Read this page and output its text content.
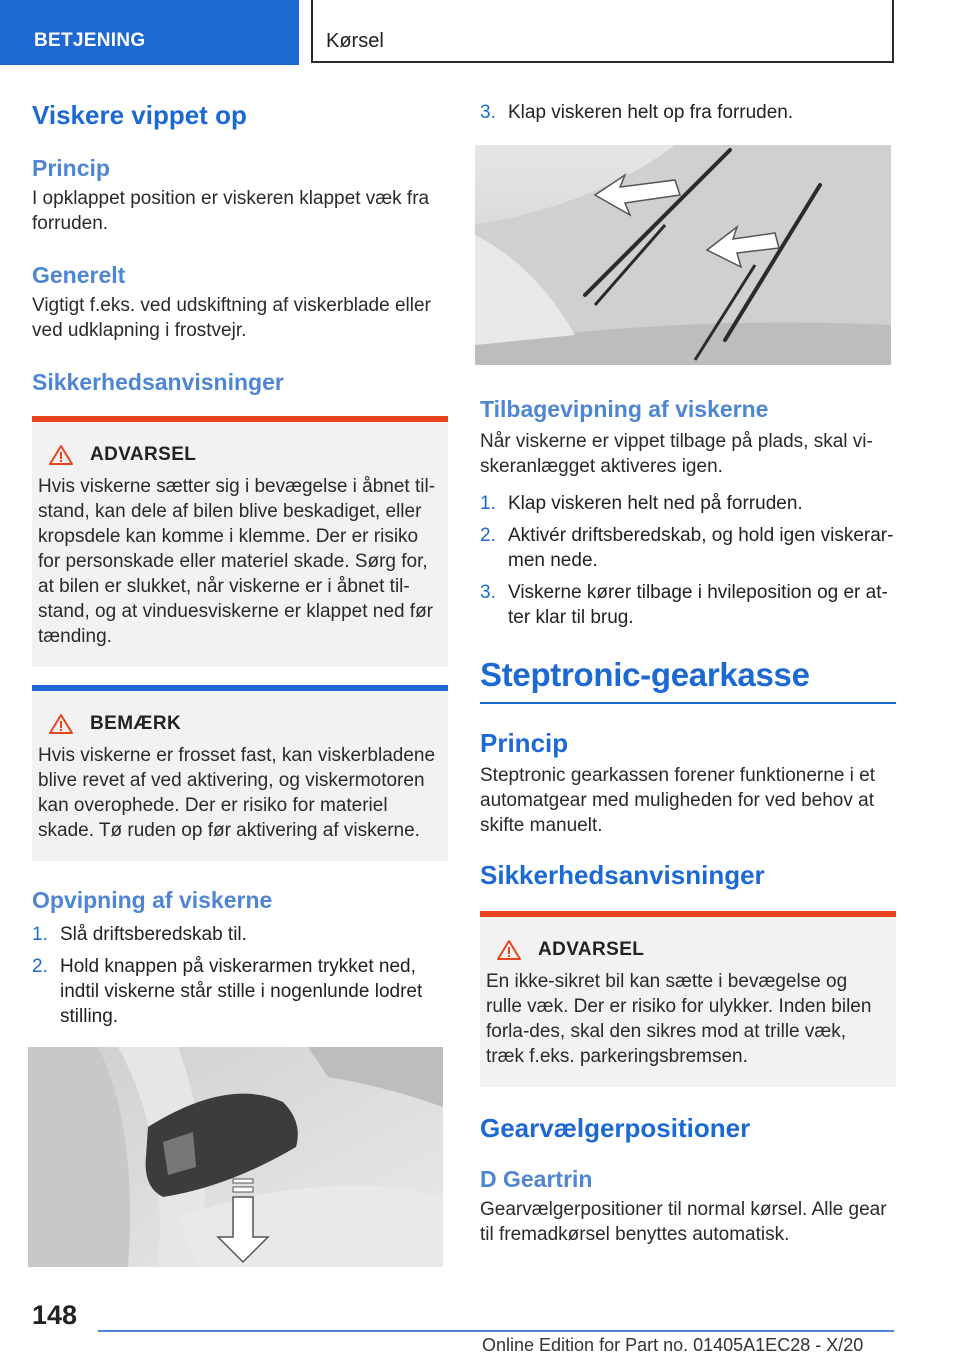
BETJENING	Kørsel
Viskere vippet op
Princip

I opklappet position er viskeren klappet væk fra forruden.

Generelt

Vigtigt f.eks. ved udskiftning af viskerblade eller ved udklapning i frostvejr.

Sikkerhedsanvisninger
ADVARSEL

Hvis viskerne sætter sig i bevægelse i åbnet til-stand, kan dele af bilen blive beskadiget, eller kropsdele kan komme i klemme. Der er risiko for personskade eller materiel skade. Sørg for, at bilen er slukket, når viskerne er i åbnet til-stand, og at vinduesviskerne er klappet ned før tænding.

BEMÆRK

Hvis viskerne er frosset fast, kan viskerbladene blive revet af ved aktivering, og viskermotoren kan overophede. Der er risiko for materiel skade. Tø ruden op før aktivering af viskerne.

Opvipning af viskerne
1. Slå driftsberedskab til.
2. Hold knappen på viskerarmen trykket ned, indtil viskerne står stille i nogenlunde lodret stilling.
3. Klap viskeren helt op fra forruden.
Tilbagevipning af viskerne

Når viskerne er vippet tilbage på plads, skal vi-skeranlægget aktiveres igen.

1. Klap viskeren helt ned på forruden.
2. Aktivér driftsberedskab, og hold igen viskerar-men nede.
3. Viskerne kører tilbage i hvileposition og er at-ter klar til brug.
Steptronic-gearkasse
Princip

Steptronic gearkassen forener funktionerne i et automatgear med muligheden for ved behov at skifte manuelt.

Sikkerhedsanvisninger
ADVARSEL

En ikke-sikret bil kan sætte i bevægelse og rulle væk. Der er risiko for ulykker. Inden bilen forla-des, skal den sikres mod at trille væk, træk f.eks. parkeringsbremsen.

Gearvælgerpositioner
D Geartrin

Gearvælgerpositioner til normal kørsel. Alle gear til fremadkørsel benyttes automatisk.

148
Online Edition for Part no. 01405A1EC28 - X/20
